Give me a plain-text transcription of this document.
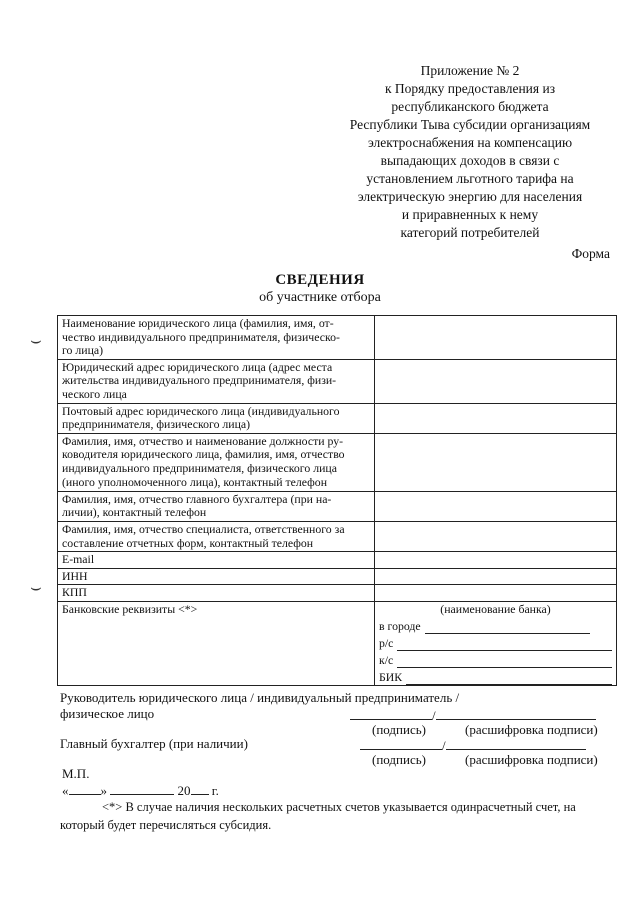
Приложение № 2
к Порядку предоставления из
республиканского бюджета
Республики Тыва субсидии организациям
электроснабжения на компенсацию
выпадающих доходов в связи с
установлением льготного тарифа на
электрическую энергию для населения
и приравненных к нему
категорий потребителей
Форма
СВЕДЕНИЯ
об участнике отбора
⌣
⌣
Наименование юридического лица (фамилия, имя, от-
чество индивидуального предпринимателя, физическо-
го лица)	
Юридический адрес юридического лица (адрес места
жительства индивидуального предпринимателя, физи-
ческого лица	
Почтовый адрес юридического лица (индивидуального
предпринимателя, физического лица)	
Фамилия, имя, отчество и наименование должности ру-
ководителя юридического лица, фамилия, имя, отчество
индивидуального предпринимателя, физического лица
(иного уполномоченного лица), контактный телефон	
Фамилия, имя, отчество главного бухгалтера (при на-
личии), контактный телефон	
Фамилия, имя, отчество специалиста, ответственного за
составление отчетных форм, контактный телефон	
E-mail	
ИНН	
КПП	
Банковские реквизиты <*>	(наименование банка)
в городе
р/с
к/с
БИК
Руководитель юридического лица / индивидуальный предприниматель /
физическое лицо	/
(подпись)	(расшифровка подписи)
Главный бухгалтер (при наличии)	/
(подпись)	(расшифровка подписи)
М.П.
« »	20 г.
<*> В случае наличия нескольких расчетных счетов указывается одинрасчетный счет, на
который будет перечисляться субсидия.
